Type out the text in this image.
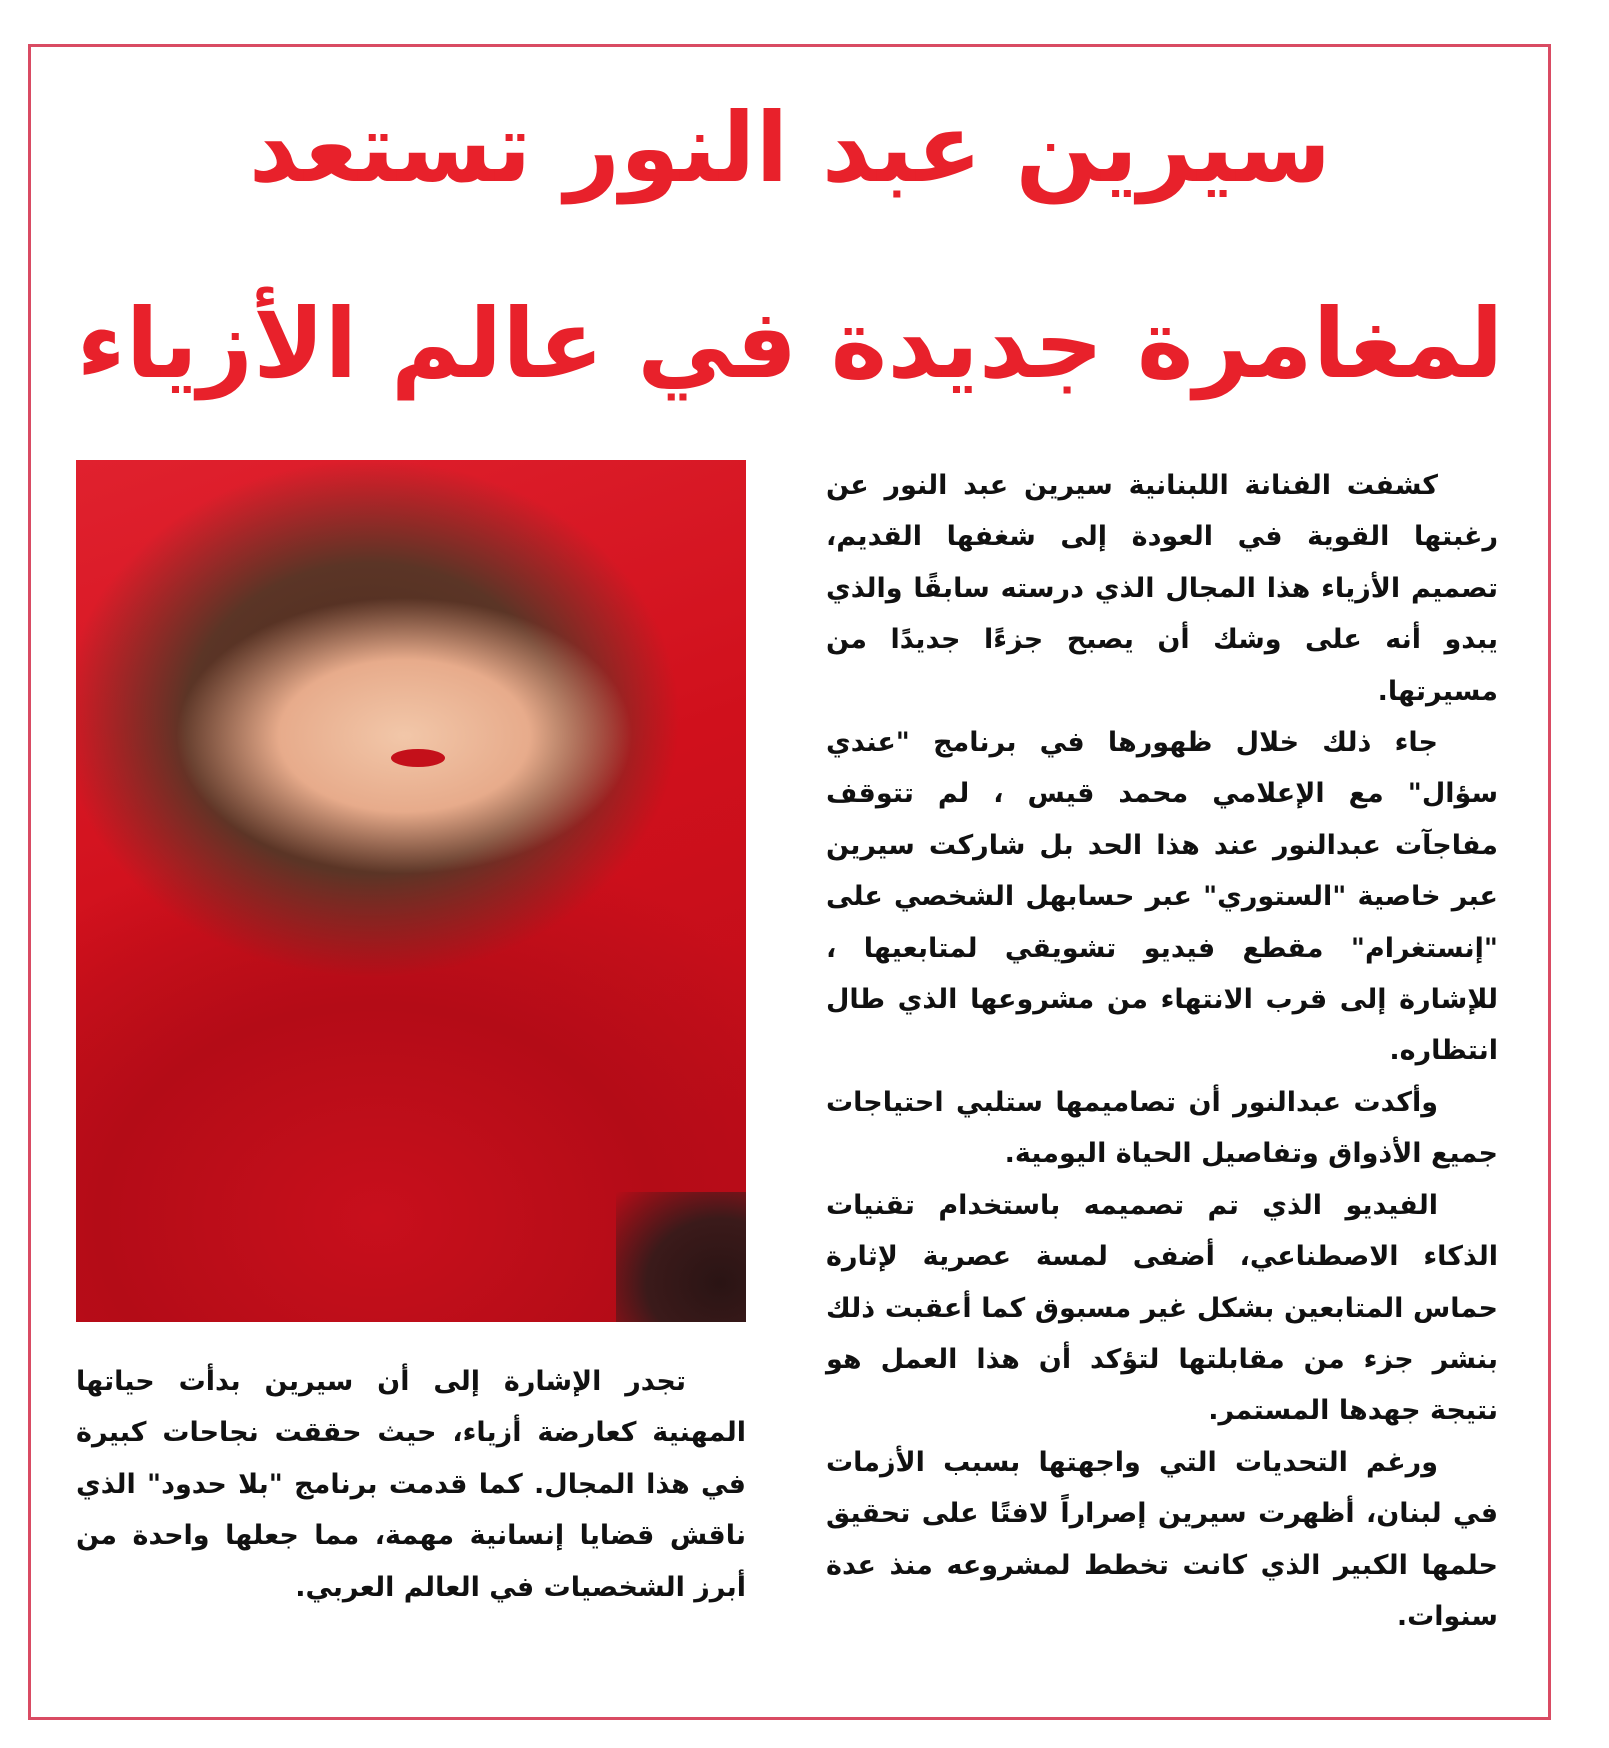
سيرين عبد النور تستعد
لمغامرة جديدة في عالم الأزياء

كشفت الفنانة اللبنانية سيرين عبد النور عن رغبتها القوية في العودة إلى شغفها القديم، تصميم الأزياء هذا المجال الذي درسته سابقًا والذي يبدو أنه على وشك أن يصبح جزءًا جديدًا من مسيرتها.

جاء ذلك خلال ظهورها في برنامج "عندي سؤال" مع الإعلامي محمد قيس ، لم تتوقف مفاجآت عبدالنور عند هذا الحد بل شاركت سيرين عبر خاصية "الستوري" عبر حسابهل الشخصي على "إنستغرام" مقطع فيديو تشويقي لمتابعيها ، للإشارة إلى قرب الانتهاء من مشروعها الذي طال انتظاره.

وأكدت عبدالنور أن تصاميمها ستلبي احتياجات جميع الأذواق وتفاصيل الحياة اليومية.

الفيديو الذي تم تصميمه باستخدام تقنيات الذكاء الاصطناعي، أضفى لمسة عصرية لإثارة حماس المتابعين بشكل غير مسبوق كما أعقبت ذلك بنشر جزء من مقابلتها لتؤكد أن هذا العمل هو نتيجة جهدها المستمر.

ورغم التحديات التي واجهتها بسبب الأزمات في لبنان، أظهرت سيرين إصراراً لافتًا على تحقيق حلمها الكبير الذي كانت تخطط لمشروعه منذ عدة سنوات.

تجدر الإشارة إلى أن سيرين بدأت حياتها المهنية كعارضة أزياء، حيث حققت نجاحات كبيرة في هذا المجال. كما قدمت برنامج "بلا حدود" الذي ناقش قضايا إنسانية مهمة، مما جعلها واحدة من أبرز الشخصيات في العالم العربي.
